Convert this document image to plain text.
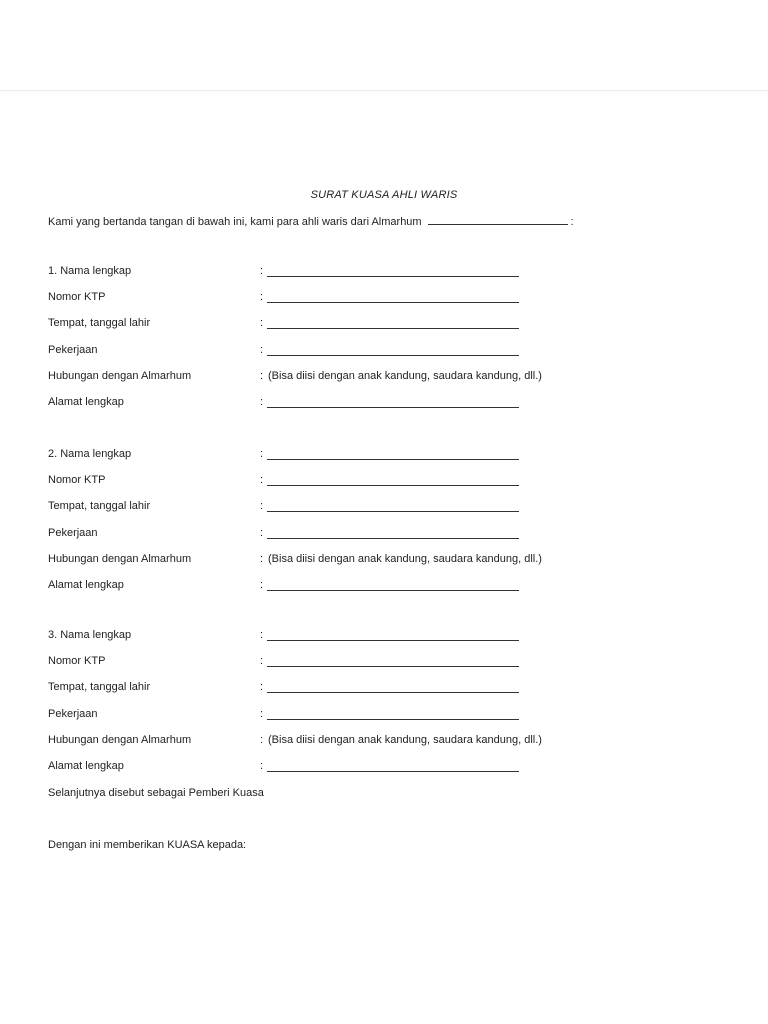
SURAT KUASA AHLI WARIS
Kami yang bertanda tangan di bawah ini, kami para ahli waris dari Almarhum	:
1. Nama lengkap	:
Nomor KTP	:
Tempat, tanggal lahir	:
Pekerjaan	:
Hubungan dengan Almarhum	: (Bisa diisi dengan anak kandung, saudara kandung, dll.)
Alamat lengkap	:
2. Nama lengkap	:
Nomor KTP	:
Tempat, tanggal lahir	:
Pekerjaan	:
Hubungan dengan Almarhum	: (Bisa diisi dengan anak kandung, saudara kandung, dll.)
Alamat lengkap	:
3. Nama lengkap	:
Nomor KTP	:
Tempat, tanggal lahir	:
Pekerjaan	:
Hubungan dengan Almarhum	: (Bisa diisi dengan anak kandung, saudara kandung, dll.)
Alamat lengkap	:
Selanjutnya disebut sebagai Pemberi Kuasa
Dengan ini memberikan KUASA kepada:
